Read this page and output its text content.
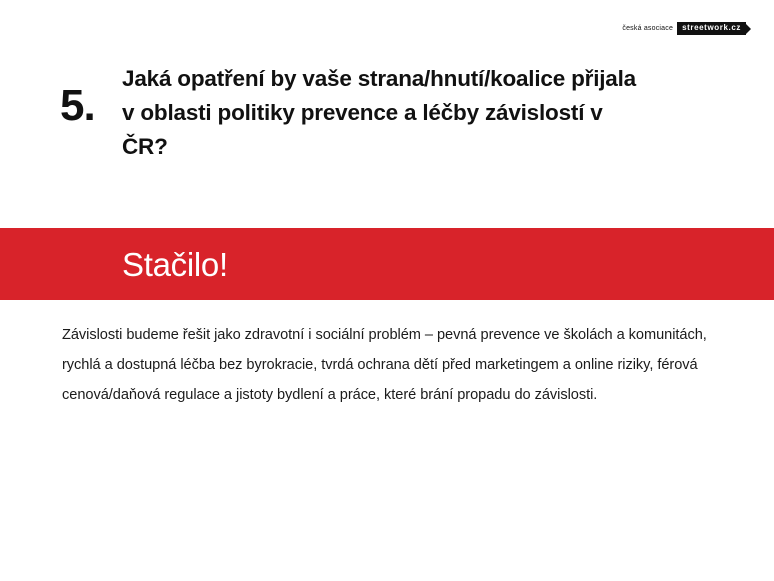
česká asociace	streetwork.cz
5.
Jaká opatření by vaše strana/hnutí/koalice přijala v oblasti politiky prevence a léčby závislostí v ČR?
Stačilo!
Závislosti budeme řešit jako zdravotní i sociální problém – pevná prevence ve školách a komunitách, rychlá a dostupná léčba bez byrokracie, tvrdá ochrana dětí před marketingem a online riziky, férová cenová/daňová regulace a jistoty bydlení a práce, které brání propadu do závislosti.
